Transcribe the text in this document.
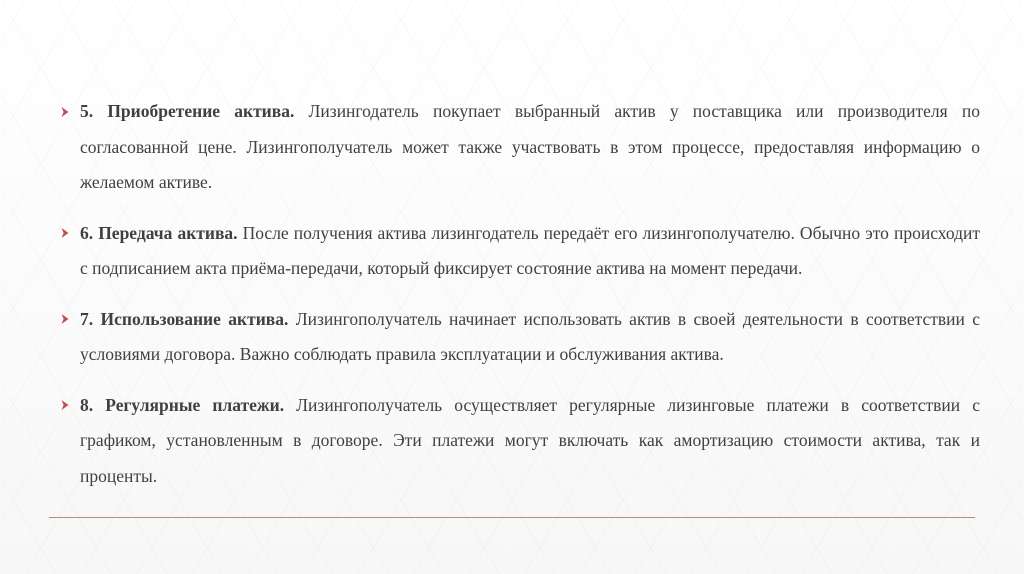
5. Приобретение актива. Лизингодатель покупает выбранный актив у поставщика или производителя по согласованной цене. Лизингополучатель может также участвовать в этом процессе, предоставляя информацию о желаемом активе.
6. Передача актива. После получения актива лизингодатель передаёт его лизингополучателю. Обычно это происходит с подписанием акта приёма-передачи, который фиксирует состояние актива на момент передачи.
7. Использование актива. Лизингополучатель начинает использовать актив в своей деятельности в соответствии с условиями договора. Важно соблюдать правила эксплуатации и обслуживания актива.
8. Регулярные платежи. Лизингополучатель осуществляет регулярные лизинговые платежи в соответствии с графиком, установленным в договоре. Эти платежи могут включать как амортизацию стоимости актива, так и проценты.
